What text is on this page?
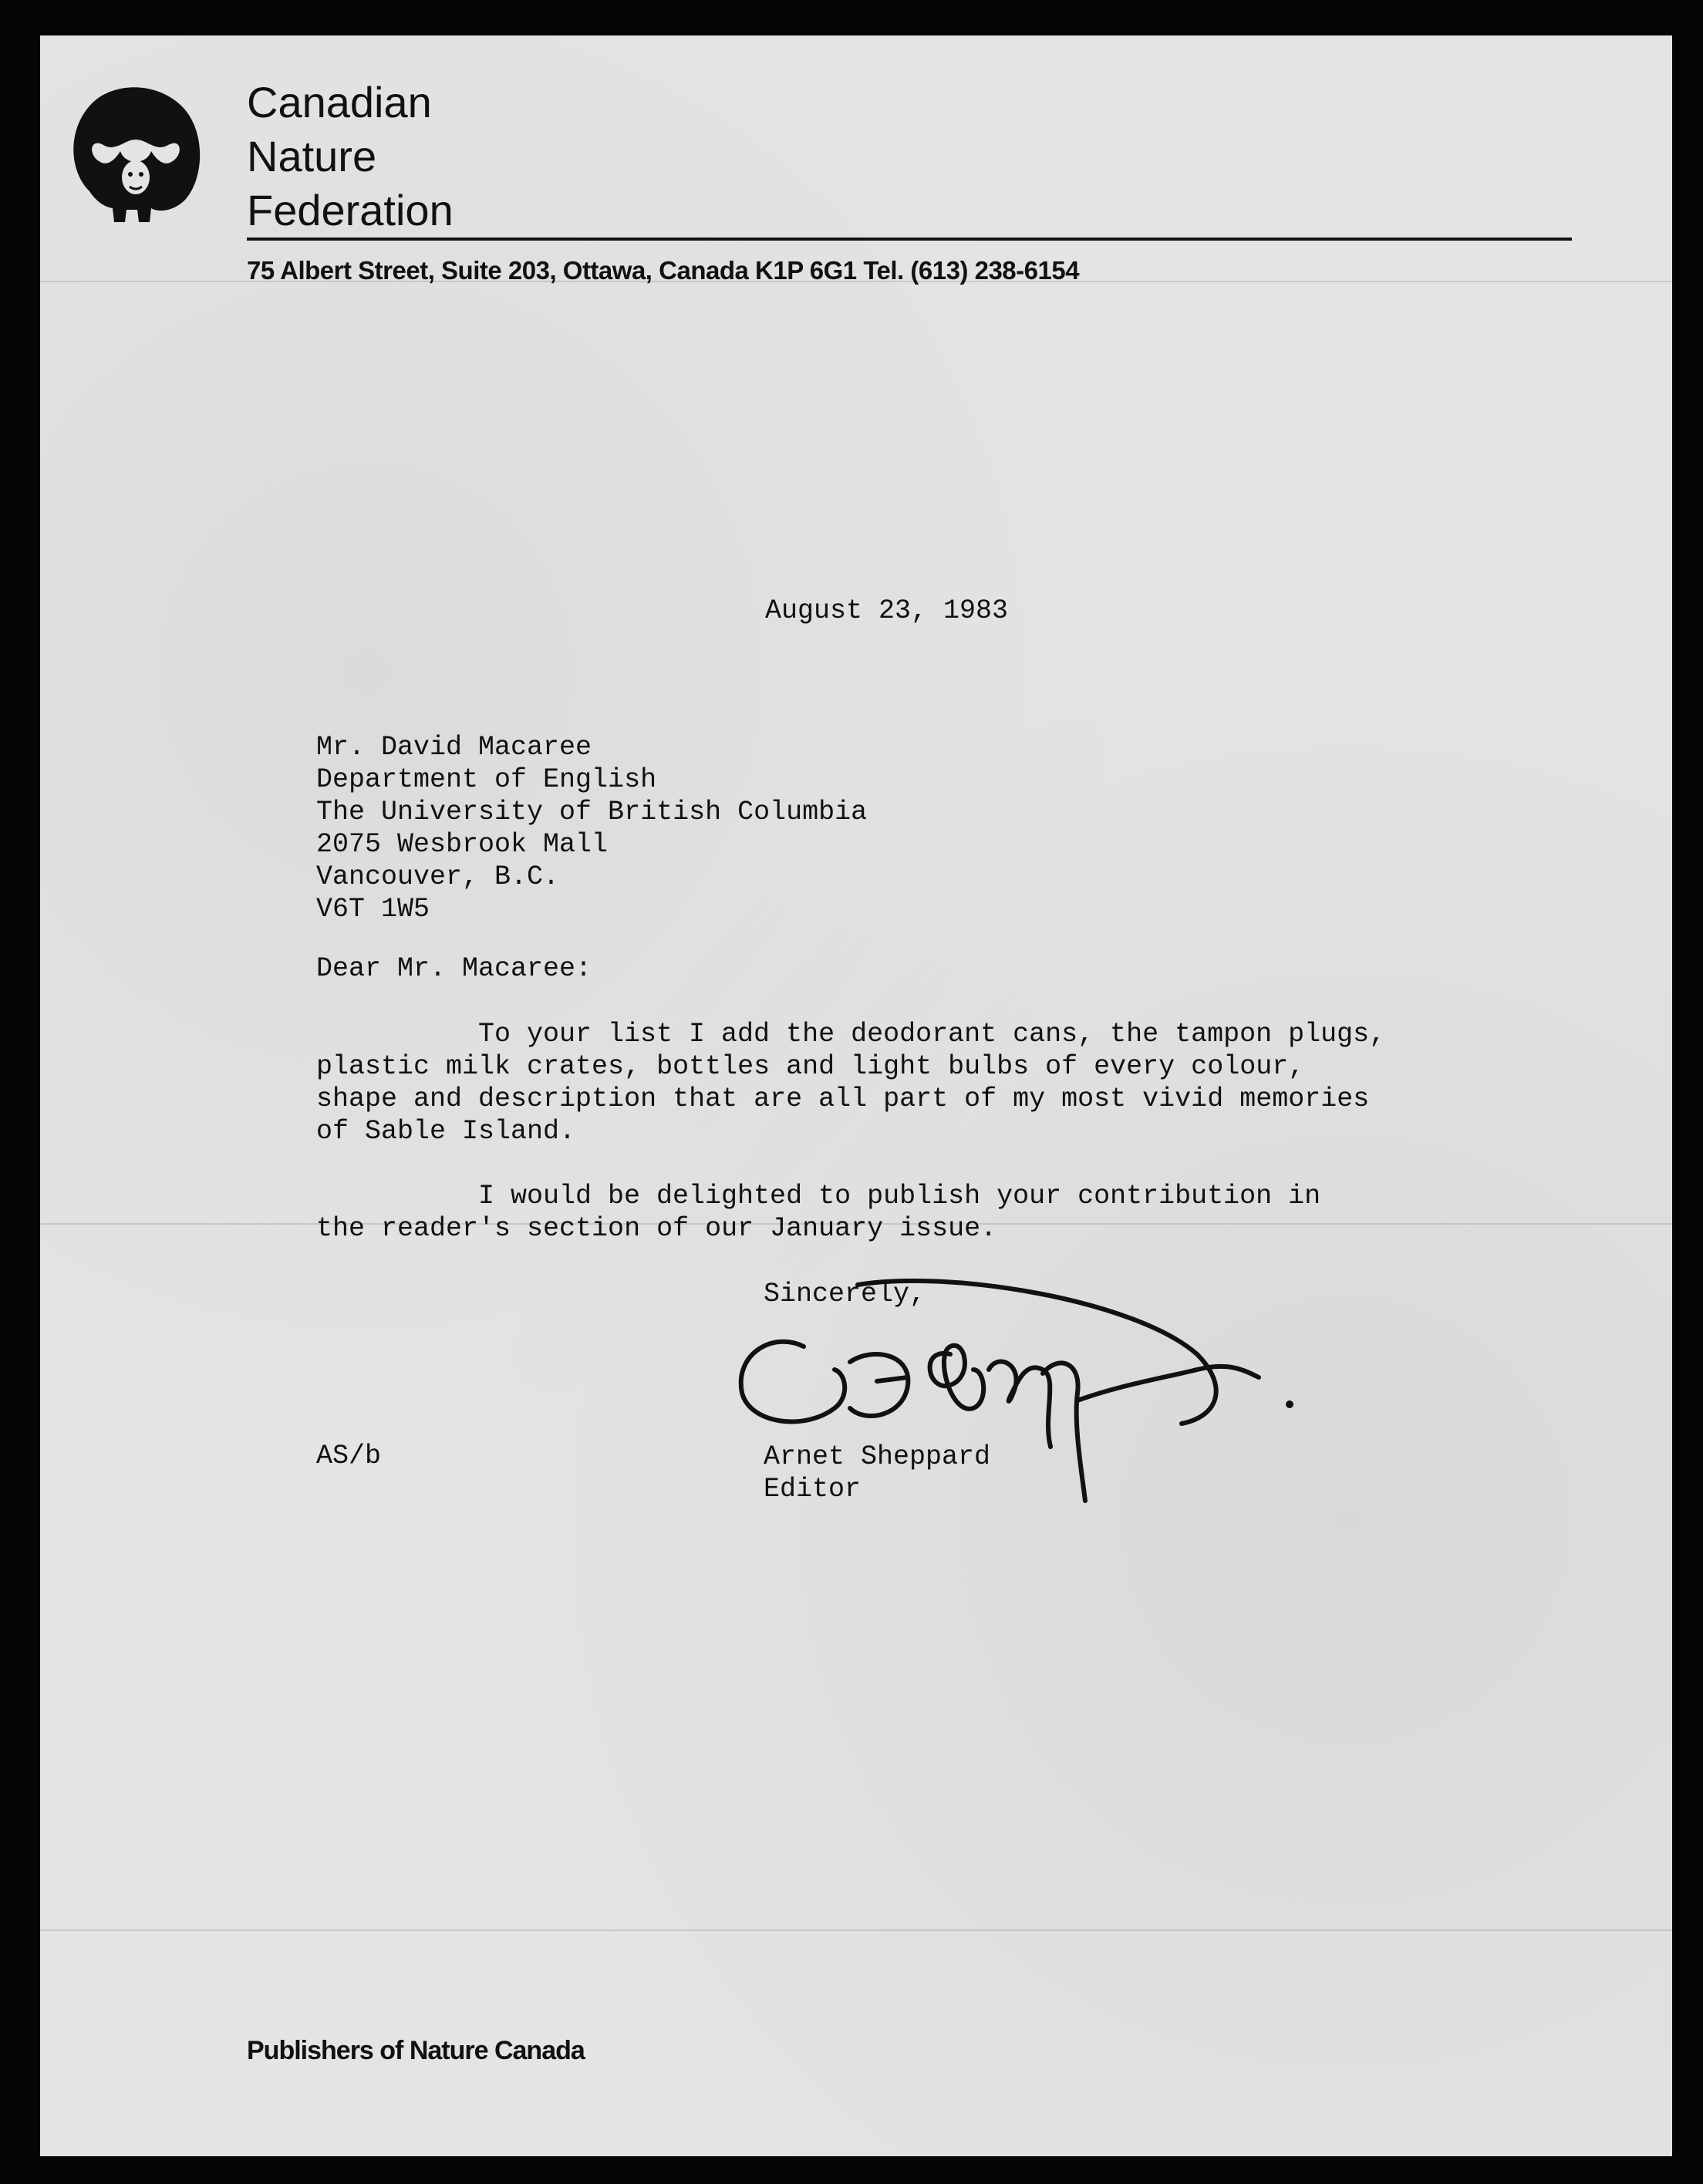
Canadian
Nature
Federation
75 Albert Street, Suite 203, Ottawa, Canada K1P 6G1 Tel. (613) 238-6154
August 23, 1983
Mr. David Macaree
Department of English
The University of British Columbia
2075 Wesbrook Mall
Vancouver, B.C.
V6T 1W5
Dear Mr. Macaree:
To your list I add the deodorant cans, the tampon plugs,
plastic milk crates, bottles and light bulbs of every colour,
shape and description that are all part of my most vivid memories
of Sable Island.
I would be delighted to publish your contribution in
the reader's section of our January issue.
Sincerely,
AS/b	Arnet Sheppard
Editor
Publishers of Nature Canada
